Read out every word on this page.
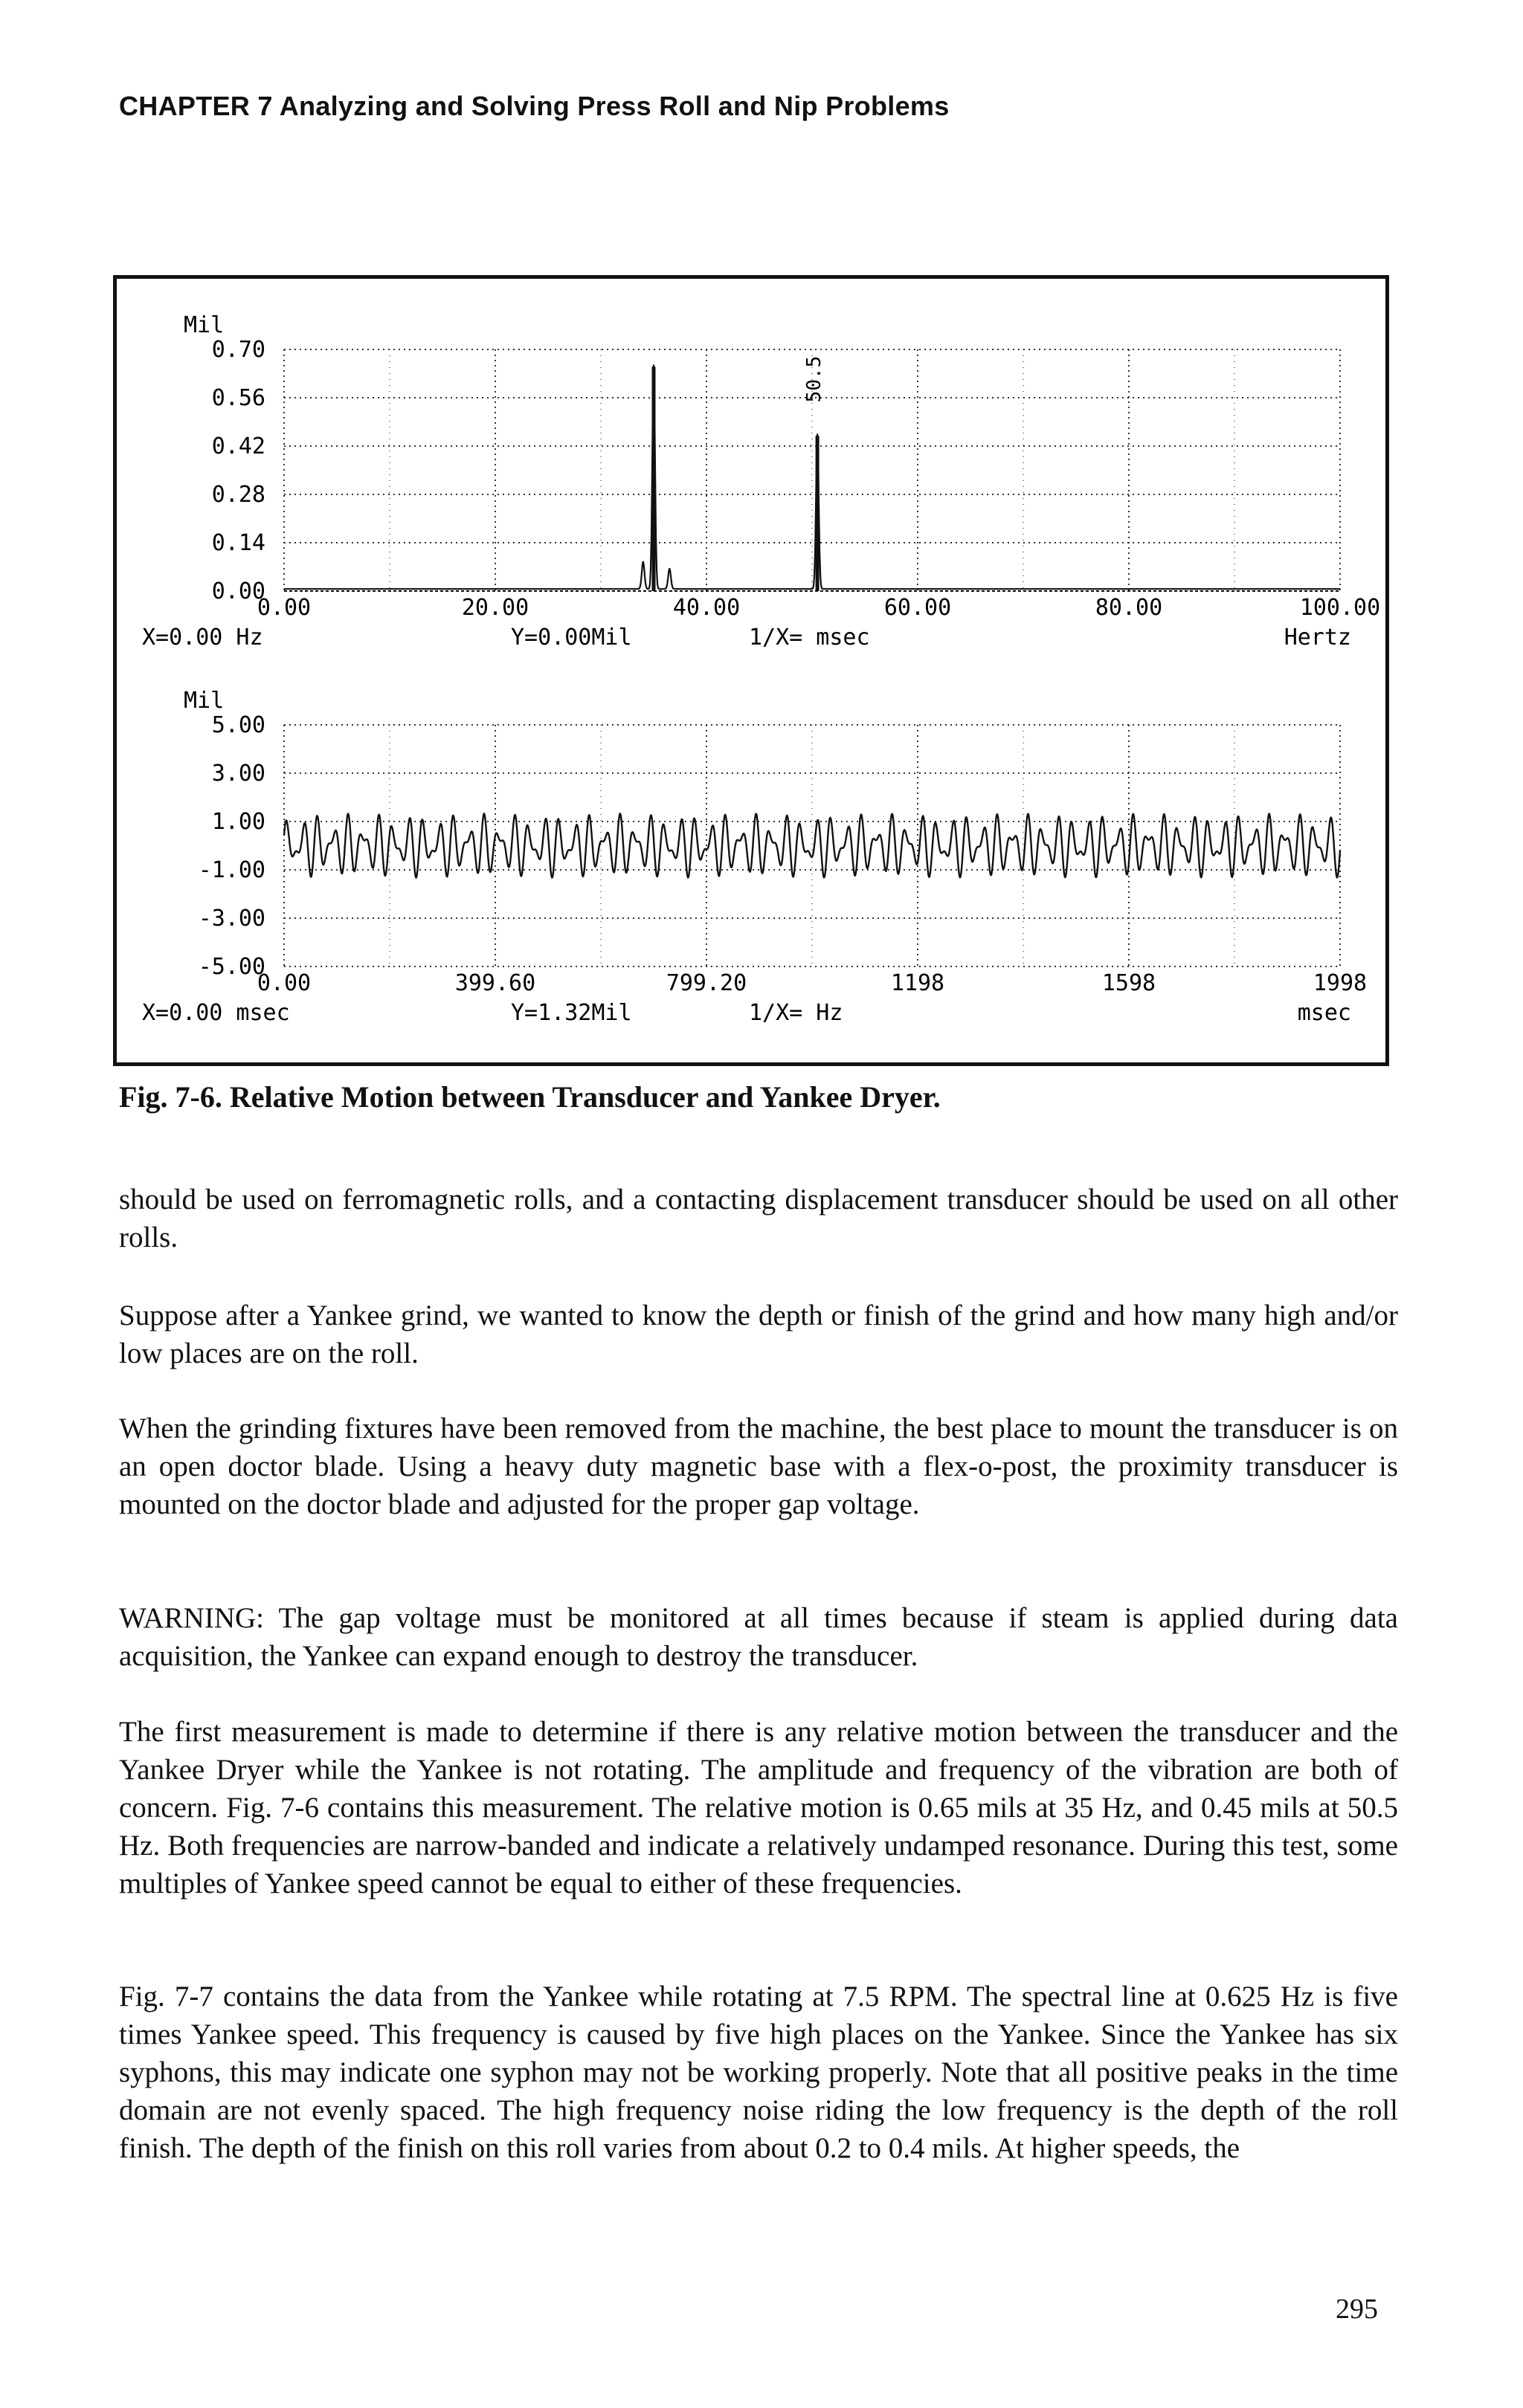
CHAPTER 7 Analyzing and Solving Press Roll and Nip Problems
Mil
0.70
0.56
0.42
0.28
0.14
0.00
0.00	20.00	40.00	60.00	80.00	100.00
50.5
Mil
5.00
3.00
1.00
-1.00
-3.00
-5.00
0.00	399.60	799.20	1198	1598	1998
X=0.00 Hz	Y=0.00Mil	1/X= msec	Hertz
X=0.00 msec	Y=1.32Mil	1/X= Hz	msec
Fig. 7-6. Relative Motion between Transducer and Yankee Dryer.
should be used on ferromagnetic rolls, and a contacting displacement transducer should be used on all other rolls.
Suppose after a Yankee grind, we wanted to know the depth or finish of the grind and how many high and/or low places are on the roll.
When the grinding fixtures have been removed from the machine, the best place to mount the transducer is on an open doctor blade. Using a heavy duty magnetic base with a flex-o-post, the proximity transducer is mounted on the doctor blade and adjusted for the proper gap voltage.
WARNING: The gap voltage must be monitored at all times because if steam is applied during data acquisition, the Yankee can expand enough to destroy the transducer.
The first measurement is made to determine if there is any relative motion between the transducer and the Yankee Dryer while the Yankee is not rotating. The amplitude and frequency of the vibration are both of concern. Fig. 7-6 contains this measurement. The relative motion is 0.65 mils at 35 Hz, and 0.45 mils at 50.5 Hz. Both frequencies are narrow-banded and indicate a relatively undamped resonance. During this test, some multiples of Yankee speed cannot be equal to either of these frequencies.
Fig. 7-7 contains the data from the Yankee while rotating at 7.5 RPM. The spectral line at 0.625 Hz is five times Yankee speed. This frequency is caused by five high places on the Yankee. Since the Yankee has six syphons, this may indicate one syphon may not be working properly. Note that all positive peaks in the time domain are not evenly spaced. The high frequency noise riding the low frequency is the depth of the roll finish. The depth of the finish on this roll varies from about 0.2 to 0.4 mils. At higher speeds, the
295
